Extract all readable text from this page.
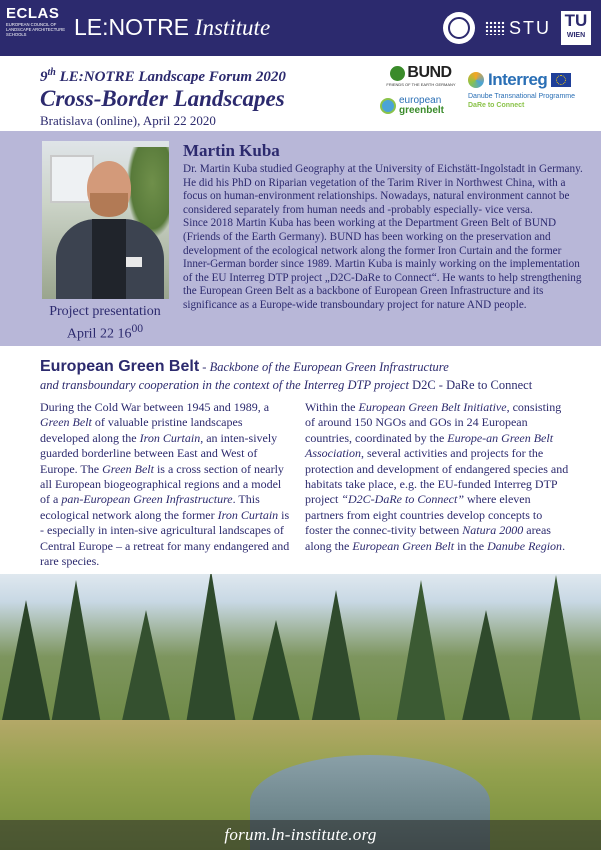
ECLAS
EUROPEAN COUNCIL OF LANDSCAPE ARCHITECTURE SCHOOLS	LE:NOTRE Institute	STU TU
WIEN
9th LE:NOTRE Landscape Forum 2020
Cross-Border Landscapes
Bratislava (online), April 22 2020
BUND
FRIENDS OF THE EARTH GERMANY
european
greenbelt
Interreg
Danube Transnational Programme
DaRe to Connect
Project presentation
April 22 $16^{00}$
Martin Kuba
Dr. Martin Kuba studied Geography at the University of Eichstätt-Ingolstadt in Germany. He did his PhD on Riparian vegetation of the Tarim River in Northwest China, with a focus on human-environment relationships. Nowadays, natural environment cannot be considered separately from human needs and -probably especially- vice versa.
Since 2018 Martin Kuba has been working at the Department Green Belt of BUND (Friends of the Earth Germany). BUND has been working on the preservation and development of the ecological network along the former Iron Curtain and the former Inner-German border since 1989. Martin Kuba is mainly working on the implementation of the EU Interreg DTP project „D2C-DaRe to Connect“. He wants to help strengthening the European Green Belt as a backbone of European Green Infrastructure and its significance as a Europe-wide transboundary project for nature AND people.
European Green Belt - Backbone of the European Green Infrastructure
and transboundary cooperation in the context of the Interreg DTP project D2C - DaRe to Connect
During the Cold War between 1945 and 1989, a Green Belt of valuable pristine landscapes developed along the Iron Curtain, an inten-sively guarded borderline between East and West of Europe. The Green Belt is a cross section of nearly all European biogeographical regions and a model of a pan-European Green Infrastructure. This ecological network along the former Iron Curtain is - especially in inten-sive agricultural landscapes of Central Europe – a retreat for many endangered and rare species.
Within the European Green Belt Initiative, consisting of around 150 NGOs and GOs in 24 European countries, coordinated by the Europe-an Green Belt Association, several activities and projects for the protection and development of endangered species and habitats take place, e.g. the EU-funded Interreg DTP project “D2C-DaRe to Connect” where eleven partners from eight countries develop concepts to foster the connec-tivity between Natura 2000 areas along the European Green Belt in the Danube Region.
forum.ln-institute.org
